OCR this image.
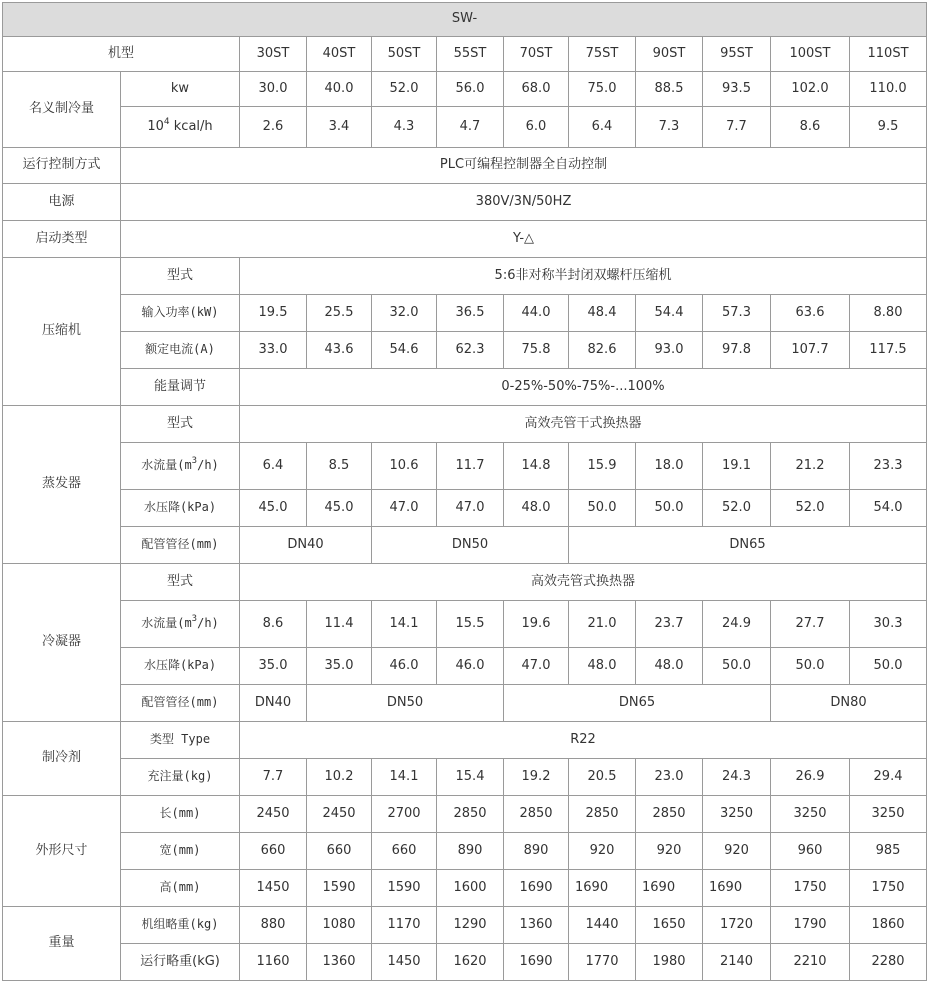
SW-											
机型		30ST	40ST	50ST	55ST	70ST	75ST	90ST	95ST	100ST	110ST
名义制冷量	kw	30.0	40.0	52.0	56.0	68.0	75.0	88.5	93.5	102.0	110.0
	$10^4$ kcal/h	2.6	3.4	4.3	4.7	6.0	6.4	7.3	7.7	8.6	9.5
运行控制方式	PLC可编程控制器全自动控制										
电源	380V/3N/50HZ										
启动类型	Y-△										
压缩机	型式	5:6非对称半封闭双螺杆压缩机									
	输入功率(kW)	19.5	25.5	32.0	36.5	44.0	48.4	54.4	57.3	63.6	8.80
	额定电流(A)	33.0	43.6	54.6	62.3	75.8	82.6	93.0	97.8	107.7	117.5
	能量调节	0-25%-50%-75%-...100%									
蒸发器	型式	高效壳管干式换热器									
	水流量$(m^3/h)$	6.4	8.5	10.6	11.7	14.8	15.9	18.0	19.1	21.2	23.3
	水压降(kPa)	45.0	45.0	47.0	47.0	48.0	50.0	50.0	52.0	52.0	54.0
	配管管径(mm)	DN40		DN50			DN65				
冷凝器	型式	高效壳管式换热器									
	水流量$(m^3/h)$	8.6	11.4	14.1	15.5	19.6	21.0	23.7	24.9	27.7	30.3
	水压降(kPa)	35.0	35.0	46.0	46.0	47.0	48.0	48.0	50.0	50.0	50.0
	配管管径(mm)	DN40	DN50			DN65				DN80	
制冷剂	类型 Type	R22									
	充注量(kg)	7.7	10.2	14.1	15.4	19.2	20.5	23.0	24.3	26.9	29.4
外形尺寸	长(mm)	2450	2450	2700	2850	2850	2850	2850	3250	3250	3250
	宽(mm)	660	660	660	890	890	920	920	920	960	985
	高(mm)	1450	1590	1590	1600	1690	1690	1690	1690	1750	1750
重量	机组略重(kg)	880	1080	1170	1290	1360	1440	1650	1720	1790	1860
	运行略重(kG)	1160	1360	1450	1620	1690	1770	1980	2140	2210	2280
